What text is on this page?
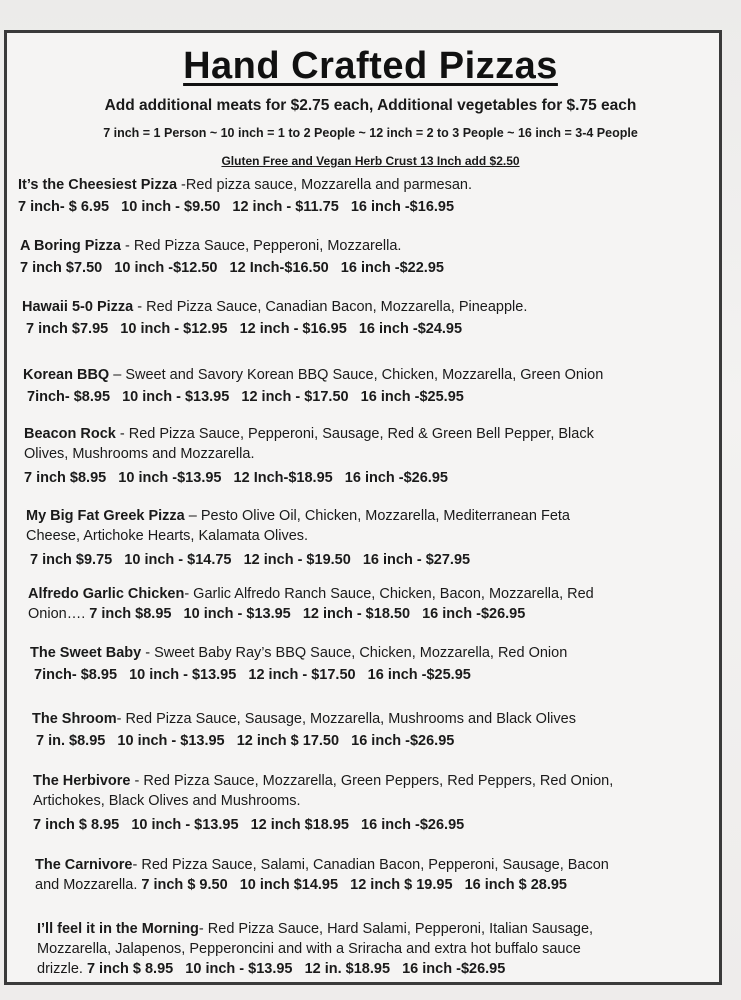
Hand Crafted Pizzas
Add additional meats for $2.75 each, Additional vegetables for $.75 each
7 inch = 1 Person ~ 10 inch = 1 to 2 People ~ 12 inch = 2 to 3 People ~ 16 inch = 3-4 People
Gluten Free and Vegan Herb Crust 13 Inch add $2.50
It’s the Cheesiest Pizza -Red pizza sauce, Mozzarella and parmesan.
7 inch- $ 6.95   10 inch - $9.50   12 inch - $11.75   16 inch -$16.95
A Boring Pizza - Red Pizza Sauce, Pepperoni, Mozzarella.
7 inch $7.50   10 inch -$12.50   12 Inch-$16.50   16 inch -$22.95
Hawaii 5-0 Pizza - Red Pizza Sauce, Canadian Bacon, Mozzarella, Pineapple.
7 inch $7.95   10 inch - $12.95   12 inch - $16.95   16 inch -$24.95
Korean BBQ – Sweet and Savory Korean BBQ Sauce, Chicken, Mozzarella, Green Onion
7inch- $8.95   10 inch - $13.95   12 inch - $17.50   16 inch -$25.95
Beacon Rock - Red Pizza Sauce, Pepperoni, Sausage, Red & Green Bell Pepper, Black
Olives, Mushrooms and Mozzarella.
7 inch $8.95   10 inch -$13.95   12 Inch-$18.95   16 inch -$26.95
My Big Fat Greek Pizza – Pesto Olive Oil, Chicken, Mozzarella, Mediterranean Feta
Cheese, Artichoke Hearts, Kalamata Olives.
7 inch $9.75   10 inch - $14.75   12 inch - $19.50   16 inch - $27.95
Alfredo Garlic Chicken- Garlic Alfredo Ranch Sauce, Chicken, Bacon, Mozzarella, Red
Onion…. 7 inch $8.95   10 inch - $13.95   12 inch - $18.50   16 inch -$26.95
The Sweet Baby - Sweet Baby Ray’s BBQ Sauce, Chicken, Mozzarella, Red Onion
7inch- $8.95   10 inch - $13.95   12 inch - $17.50   16 inch -$25.95
The Shroom- Red Pizza Sauce, Sausage, Mozzarella, Mushrooms and Black Olives
7 in. $8.95   10 inch - $13.95   12 inch $ 17.50   16 inch -$26.95
The Herbivore - Red Pizza Sauce, Mozzarella, Green Peppers, Red Peppers, Red Onion,
Artichokes, Black Olives and Mushrooms.
7 inch $ 8.95   10 inch - $13.95   12 inch $18.95   16 inch -$26.95
The Carnivore- Red Pizza Sauce, Salami, Canadian Bacon, Pepperoni, Sausage, Bacon
and Mozzarella. 7 inch $ 9.50   10 inch $14.95   12 inch $ 19.95   16 inch $ 28.95
I’ll feel it in the Morning- Red Pizza Sauce, Hard Salami, Pepperoni, Italian Sausage,
Mozzarella, Jalapenos, Pepperoncini and with a Sriracha and extra hot buffalo sauce
drizzle. 7 inch $ 8.95   10 inch - $13.95   12 in. $18.95   16 inch -$26.95
